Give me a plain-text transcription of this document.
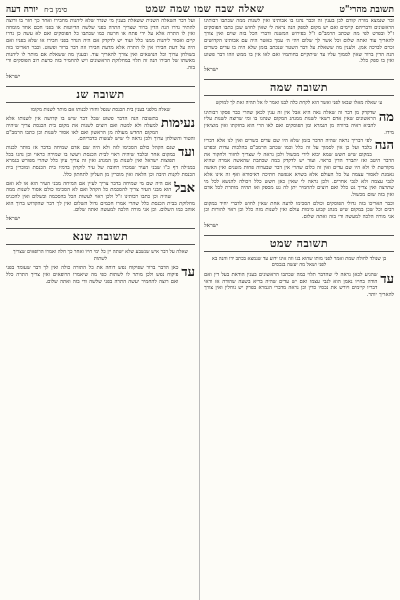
תשובת מהרי"ט
שאלה שבה שמו שמה שמט
סימן ב׳ח יורה דעה
ובר שנמצא מורה קודם לכן בענין זה וכבר נהגו בו אבותינו ואין לשנות ממה שכתבו רבותינו הראשונים ודבריהם קיימים ואם יש מקום לספק הנה נראה לי שאין לחוש שכן כתבו הפוסקים ז"ל ובפרט לפי מה שכתב הרמב"ם ז"ל בפירוש המשנה ודברי הכל בזה שוים ואין צורך להאריך עוד ואתה שלום וכל אשר לך שלום ויהי ה׳ עמך כאשר היה עם אבותינו הקדושים זכרם לברכה אמן. ולענין מה ששאלת על דבר השטר שנכתב בזמן שלא היה בו עדים כשרים הנה הדין ברור שאין לסמוך עליו עד שיתקיים בחותמיו ואם לאו אין בו ממש וזהו דבר פשוט ואין בו ספק כלל.
ישראל
תשובה שמה
ע׳ שאלה מאלו שבאו לפני ואשר הוא לקחת כלה לבנו ואמר לו אל תהיה זאת לך למוקש
מה
שדקדק מן דבר זה שאלה נאה היא אבל אין זה ענין לכאן שהרי כבר פסקו רבותינו הראשונים שאין אדם רשאי לשנות ממנהג המקום שנהגו בו ומי שרוצה לשנות עליו להביא ראיה ברורה מן הגמרא ומן הפוסקים ואם לאו הרי הוא בחזקתו ואין מוציאין מידו.
הנה
לפי דבריך נראה שהיה הדבר בזמן שלא היו שם עדים כשרים ואין לנו אלא דבריו בלבד ועל כן אין לסמוך על זה כלל וכמו שכתב הרמב"ם בהלכות עדות ובפרט במקום שיש חשש שמא יבוא לידי מכשול ולכן נראה לי שצריך לחזור ולחקור את הדבר היטב ואז יתברר הדין כראוי. ועוד יש לדקדק במה שכתבת שהאשה אמרה שהיא מקודשת לו ולא היו שם עדים ואין זה כלום שהרי אין דבר שבערוה פחות משנים ואין האשה נאמנת לאסור עצמה על כל העולם אלא בשויא אנפשה חתיכה דאיסורא ואף זה אינו אלא לגבי עצמה ולא לגבי אחרים. ולכן נראה לי שאין כאן חשש כלל ויכולה להנשא לכל מי שתרצה ואין צריך גט כלל ואם רוצים להחמיר יתן לה גט מספק ואז תהיה מותרת לכל אדם ואין בזה שום מכשול.
וכבר האריכו בזה גדולי הפוסקים וכולם הסכימו לדעה אחת שאין לחוש לדברי יחיד במקום רבים וכל שכן במקום שיש מנהג קבוע מימות עולם ואין לשנות מזה כלל וכן ראוי להורות וכן אני מורה הלכה למעשה ודי בזה ואתה שלום.
ישראל
תשובה שמט
בן שנולד לחולה שמת ואמר לפני מותו שהוא בנו וזה אינו ידוע עד שנמצא בכתב ידו והנה בא לפני ושאל מה יעשה בנכסים
עד
שהגיע לכאן נראה לי שהדבר תלוי במה שכתבו הראשונים בענין הודאת בעל דין ואם הודה בחייו נאמן הוא לגבי עצמו ואם יש עדים שהיה בריא בשעה שהודה אז ודאי דבריו קיימים ויורש את נכסיו כדין וכן נראה מדברי הגמרא בפרק יש נוחלין ואין צורך להאריך יותר.
ועל דבר השאלה השנית ששאלת בענין מי שנדר שלא ליהנות מחבירו ואחר כך חזר בו ורוצה להתיר נדרו הנה הדין ברור שצריך התרה בפני שלשה הדיוטות או בפני חכם אחד מומחה ואין לו התרה אלא על ידי פתח או חרטה כמו שכתבו כל הפוסקים ואם לא עשה כן נדרו קיים ואסור ליהנות ממנו כלל ועוד יש לדקדק אם היה הנדר בפני חבירו או שלא בפניו ואם היה על דעת חבירו אין לו התרה אלא מדעת חבירו וזה דבר ברור ופשוט. וכבר האריכו בזה בשולחן ערוך וכל הנושאים ואין צורך להאריך עוד. ובענין מה ששאלת אם מותר לו ליהנות מאשתו של חבירו הנה זה תלוי במחלוקת הראשונים ויש להחמיר בזה כדעת רוב הפוסקים ודי בזה.
ישראל
תשובה שנ
שאלה מלפני בענין בית הכנסת שנפל וחזרו לבנותו אם מותר לשנות מקומו
נעימות
בתשובה הנה הדבר פשוט שכל דבר שיש בו קדושה אין לשנותו אלא למעלה ולא למטה ואם רוצים לשנות את מקום בית הכנסת צריך שיהיה המקום החדש מעולה מן הראשון ואם לאו אסור לשנות וכן כתבו הרמב"ם והטור והשולחן ערוך ולכן נראה לי שיש לעשות כדבריהם.
ועד
שגם הקהל כולם הסכימו לזה ולא היה שם אדם שמיחה בדבר אז מותר לבנות במקום אחר ובלבד שיהיה ראוי לבית הכנסת ויעשו בו שמירה כראוי וכן נהגו בכל תפוצות ישראל ואין לשנות מן המנהג ואין זה צריך עיון כלל שהרי מפורש בגמרא במגילה דף כ"ו שבני העיר שמכרו רחובה של עיר לוקחין בדמיו בית הכנסת ומוכרין בית הכנסת לקנות תיבה וכן הלאה ואין מוכרין מן העליון לתחתון כלל.
אבל
אם היה שם מי שמיחה בדבר צריך לעיין אם המיחה מבני העיר הוא או לא ואם הוא מבני העיר צריך להסכמת כל הקהל ואם לא הסכימו כולם אסור לשנות ממה שהיה וכן כתבו רבותינו ז"ל ולכן ראוי לעשות הכל בהסכמה ובשלום ואין להכניס מחלוקת בבית הכנסת כלל שהרי אמרו חכמים גדול השלום ואין לך דבר שהקדוש ברוך הוא אוהב כמו השלום. וכן אני מורה הלכה למעשה ואתה שלום.
ישראל
תשובה שנא
שאלה על דבר איש שנשבע שלא ישתה יין כל ימי חייו ואחר כך חלה ואמרו הרופאים שצריך לשתות
עד
כאן הדבר ברור שפיקוח נפש דוחה את כל התורה כולה ואין לך דבר שעומד בפני פיקוח נפש ולכן מותר לו לשתות כפי מה שיאמרו הרופאים ואין צריך התרה כלל ואם רוצה להחמיר יעשה התרה בפני שלשה ודי בזה ואתה שלום.
